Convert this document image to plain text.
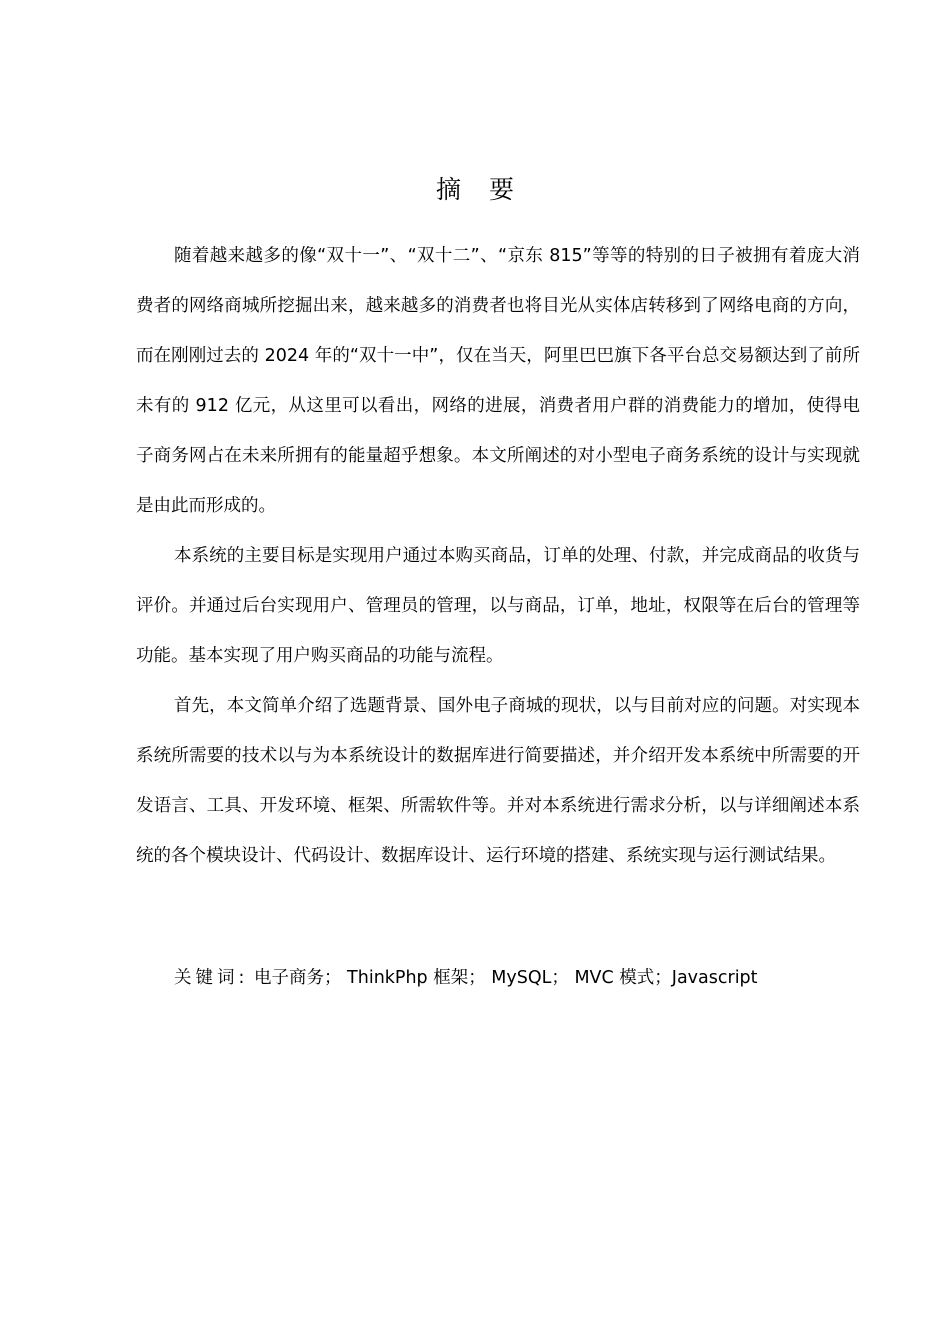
摘 要

随着越来越多的像“双十一”、“双十二”、“京东 815”等等的特别的日子被拥有着庞大消费者的网络商城所挖掘出来，越来越多的消费者也将目光从实体店转移到了网络电商的方向，而在刚刚过去的 2024 年的“双十一中”，仅在当天，阿里巴巴旗下各平台总交易额达到了前所未有的 912 亿元，从这里可以看出，网络的进展，消费者用户群的消费能力的增加，使得电子商务网占在未来所拥有的能量超乎想象。本文所阐述的对小型电子商务系统的设计与实现就是由此而形成的。

本系统的主要目标是实现用户通过本购买商品，订单的处理、付款，并完成商品的收货与评价。并通过后台实现用户、管理员的管理，以与商品，订单，地址，权限等在后台的管理等功能。基本实现了用户购买商品的功能与流程。

首先，本文简单介绍了选题背景、国外电子商城的现状，以与目前对应的问题。对实现本系统所需要的技术以与为本系统设计的数据库进行简要描述，并介绍开发本系统中所需要的开发语言、工具、开发环境、框架、所需软件等。并对本系统进行需求分析，以与详细阐述本系统的各个模块设计、代码设计、数据库设计、运行环境的搭建、系统实现与运行测试结果。

关键词: 电子商务； ThinkPhp 框架； MySQL； MVC 模式；Javascript
